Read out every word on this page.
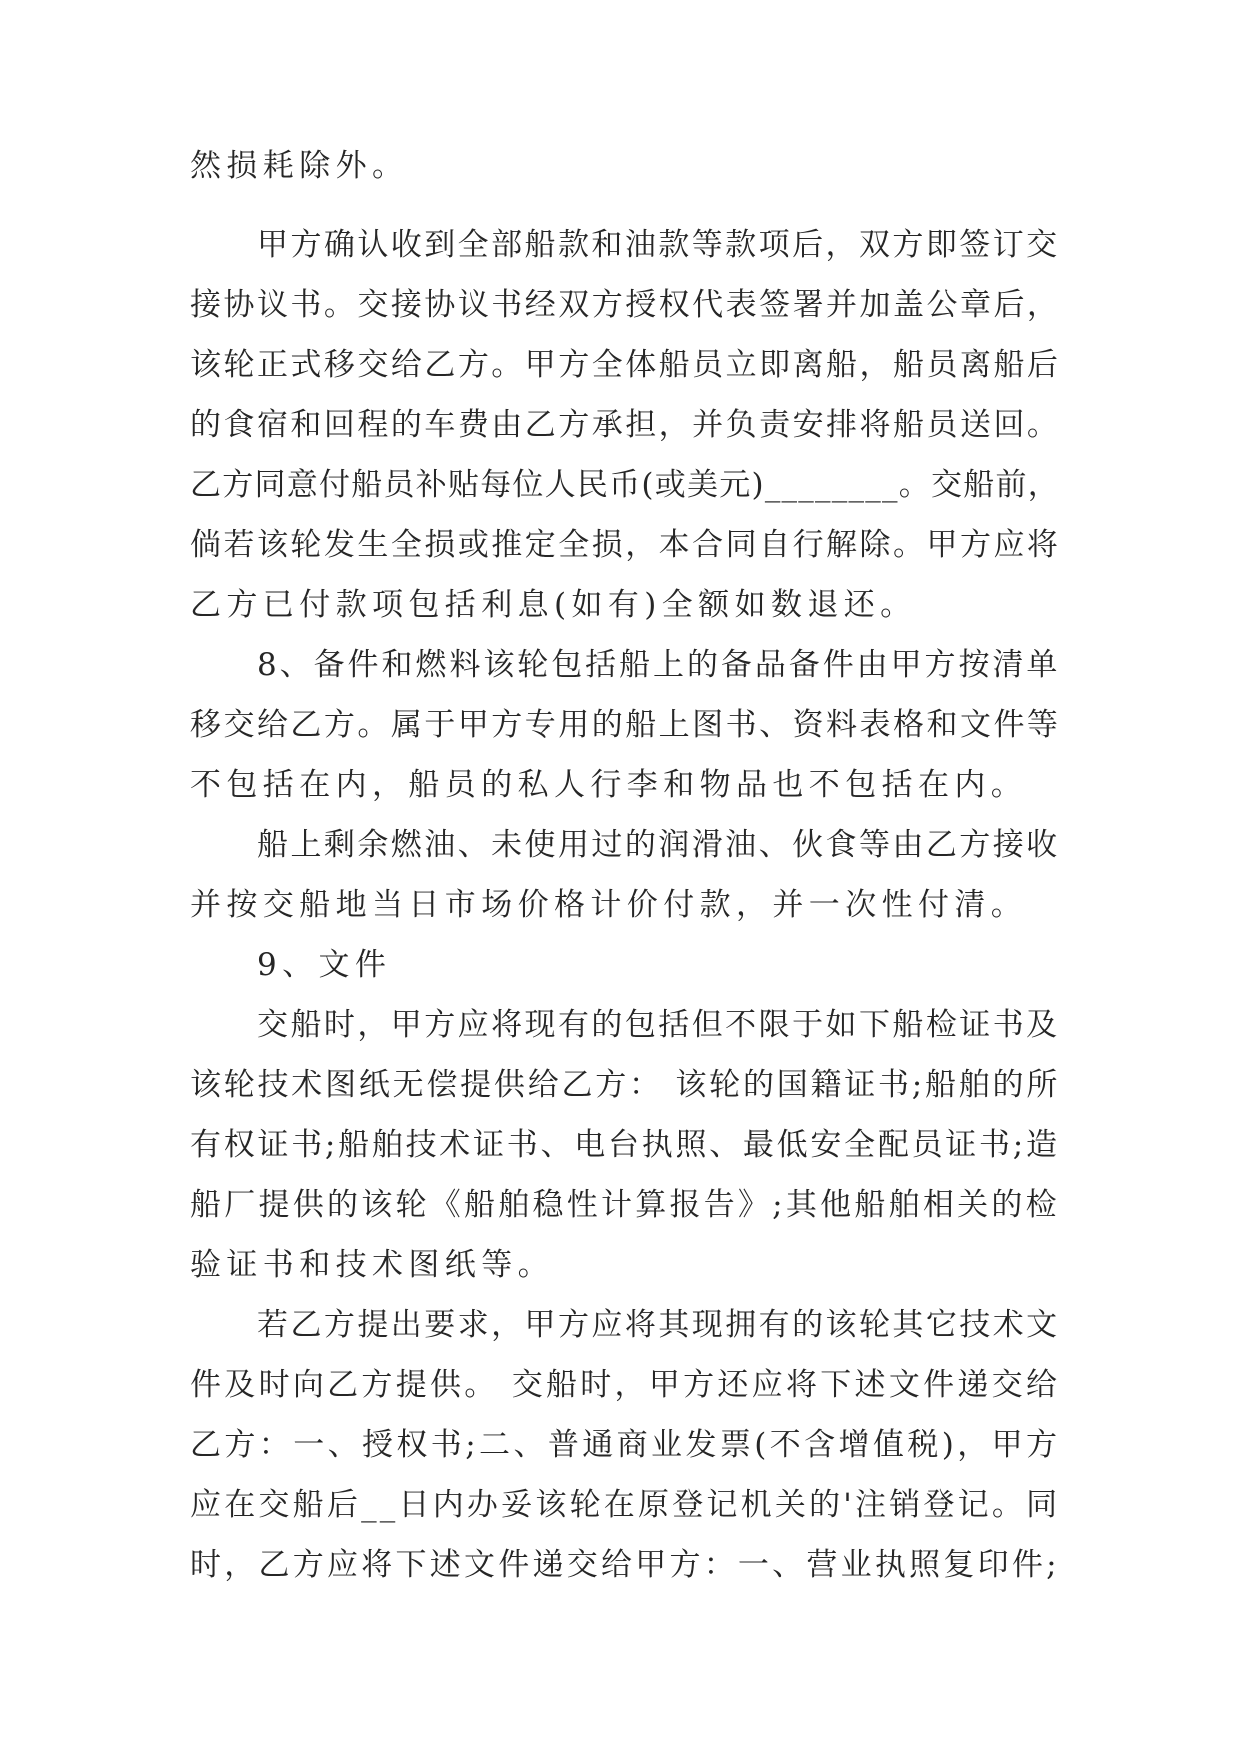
然损耗除外。
甲方确认收到全部船款和油款等款项后，双方即签订交
接协议书。交接协议书经双方授权代表签署并加盖公章后，
该轮正式移交给乙方。甲方全体船员立即离船，船员离船后
的食宿和回程的车费由乙方承担，并负责安排将船员送回。
乙方同意付船员补贴每位人民币(或美元)________。交船前，
倘若该轮发生全损或推定全损，本合同自行解除。甲方应将
乙方已付款项包括利息(如有)全额如数退还。
8、备件和燃料该轮包括船上的备品备件由甲方按清单
移交给乙方。属于甲方专用的船上图书、资料表格和文件等
不包括在内，船员的私人行李和物品也不包括在内。
船上剩余燃油、未使用过的润滑油、伙食等由乙方接收
并按交船地当日市场价格计价付款，并一次性付清。
9、文件
交船时，甲方应将现有的包括但不限于如下船检证书及
该轮技术图纸无偿提供给乙方： 该轮的国籍证书;船舶的所
有权证书;船舶技术证书、电台执照、最低安全配员证书;造
船厂提供的该轮《船舶稳性计算报告》;其他船舶相关的检
验证书和技术图纸等。
若乙方提出要求，甲方应将其现拥有的该轮其它技术文
件及时向乙方提供。 交船时，甲方还应将下述文件递交给
乙方：一、授权书;二、普通商业发票(不含增值税)，甲方
应在交船后__日内办妥该轮在原登记机关的'注销登记。同
时，乙方应将下述文件递交给甲方：一、营业执照复印件;
